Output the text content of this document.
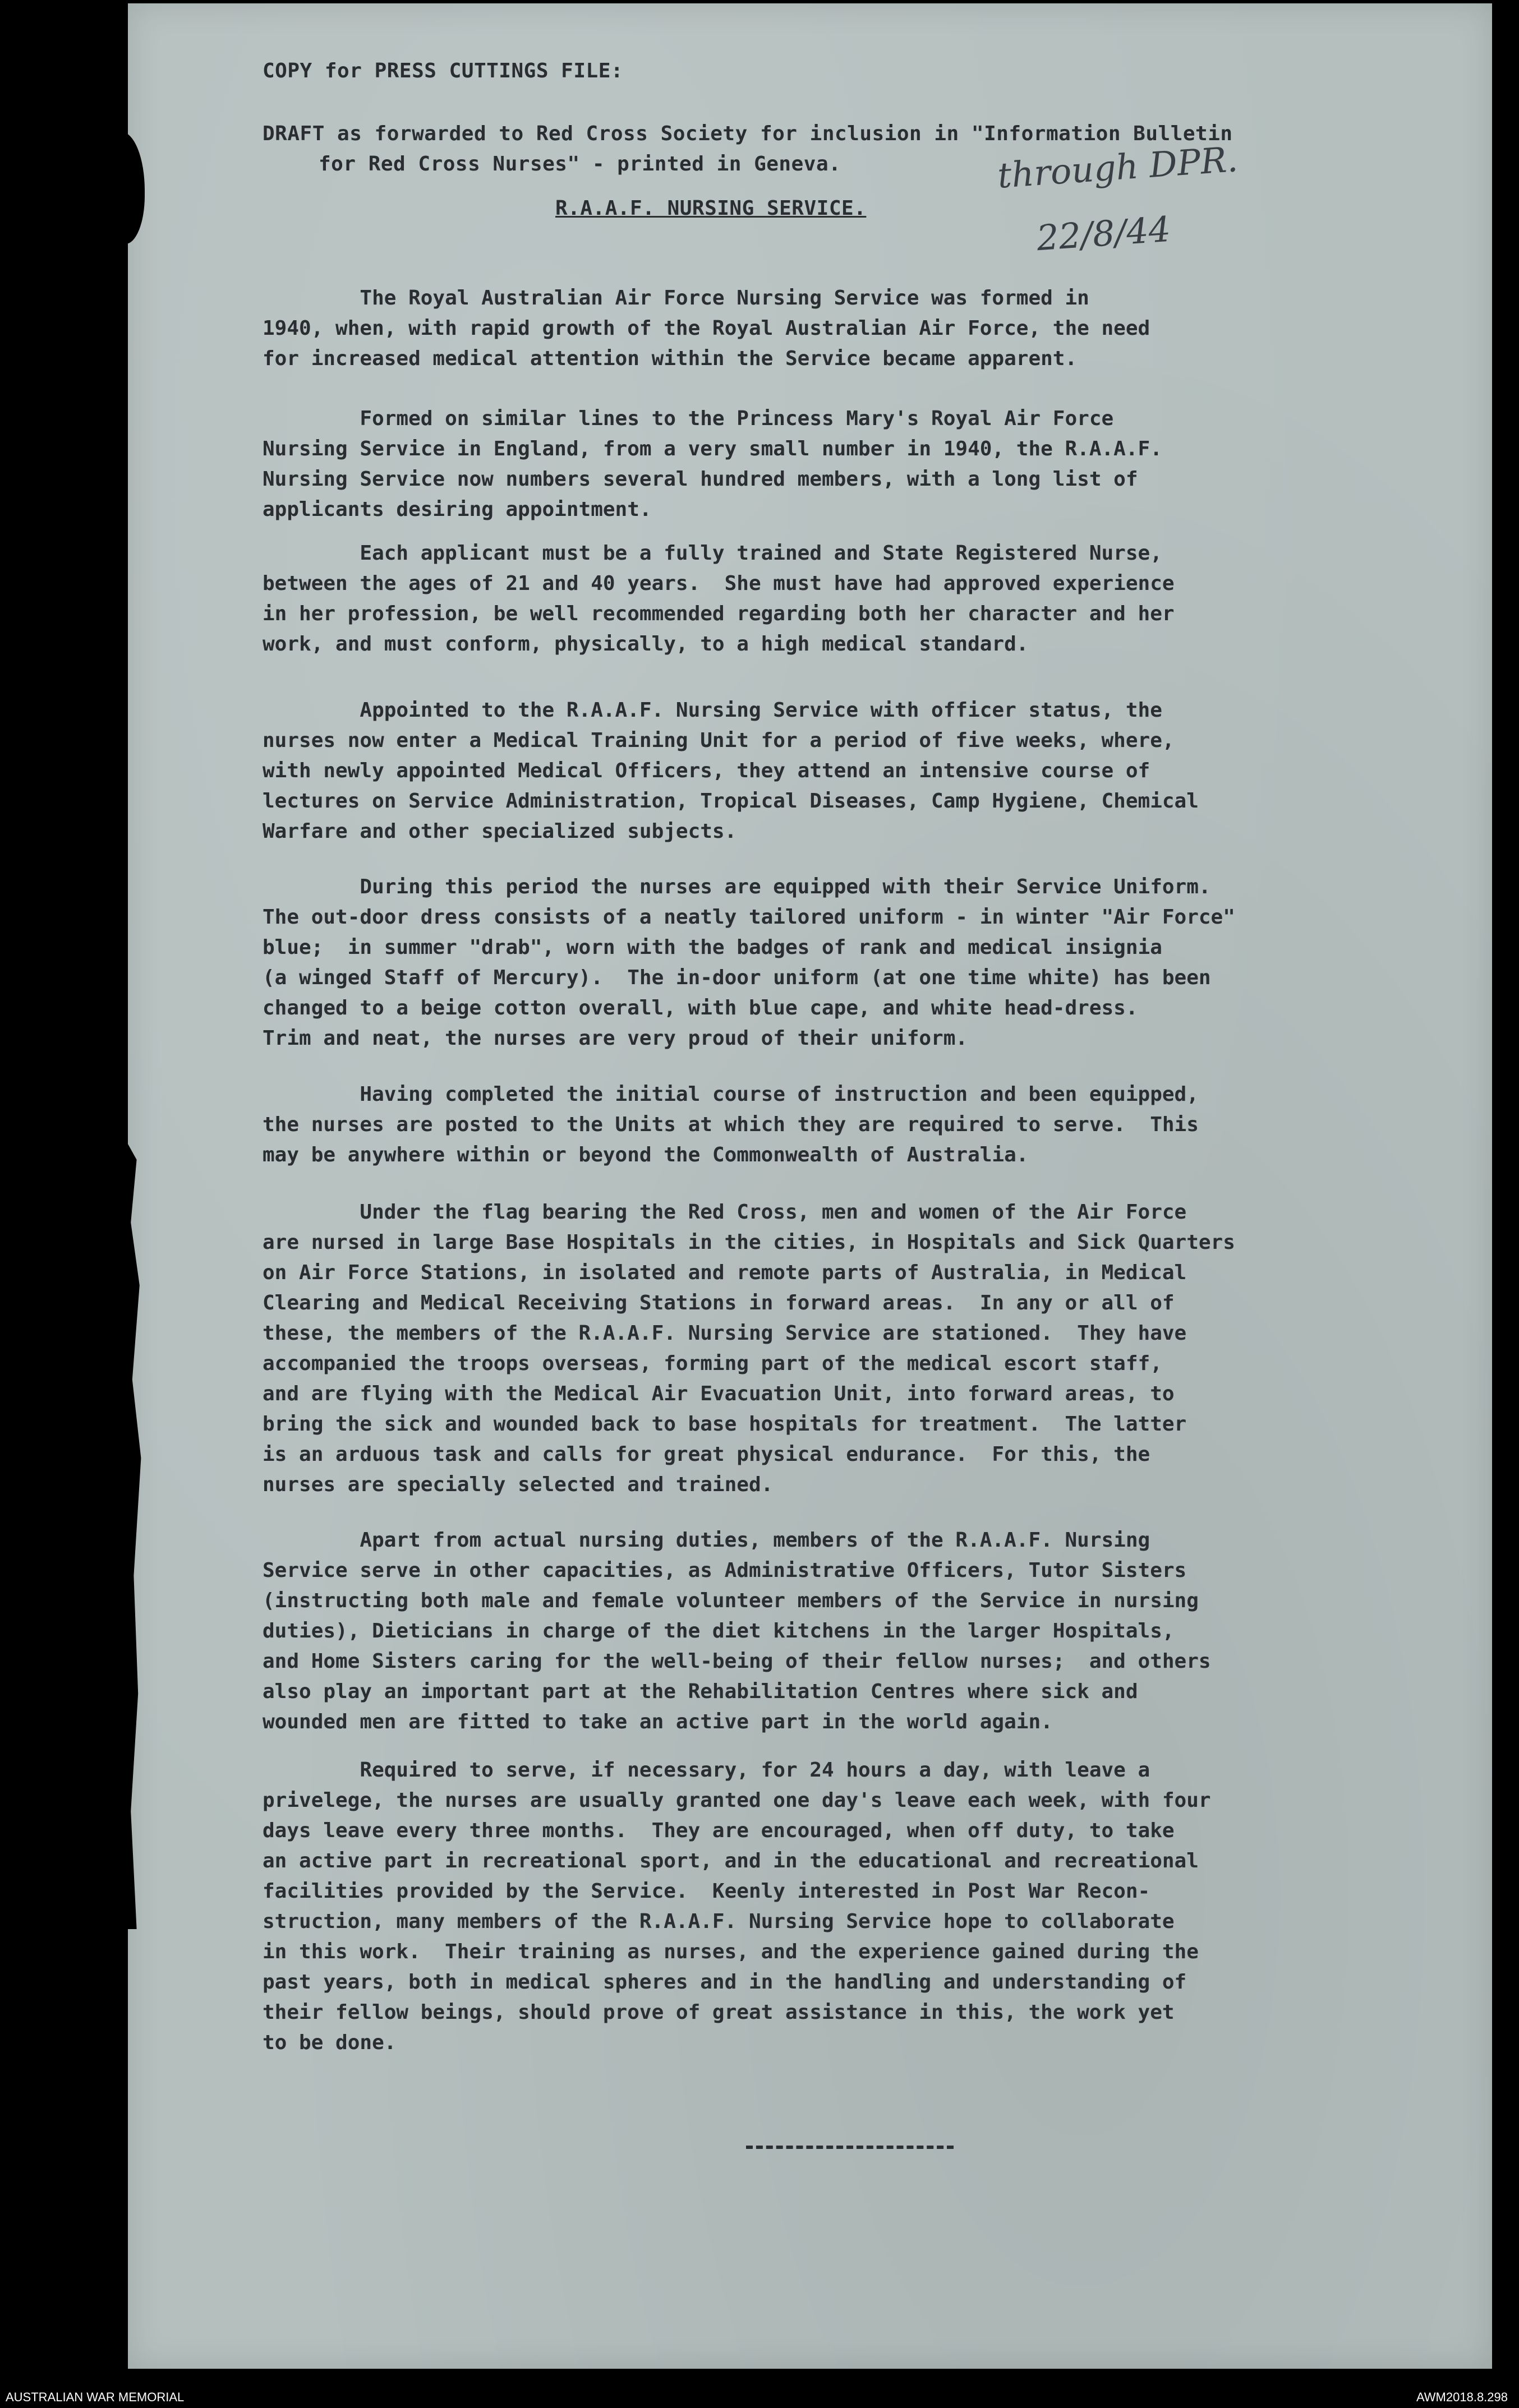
COPY for PRESS CUTTINGS FILE:
DRAFT as forwarded to Red Cross Society for inclusion in "Information Bulletin
for Red Cross Nurses" - printed in Geneva.
R.A.A.F. NURSING SERVICE.
through DPR.
22/8/44
The Royal Australian Air Force Nursing Service was formed in
1940, when, with rapid growth of the Royal Australian Air Force, the need
for increased medical attention within the Service became apparent.
Formed on similar lines to the Princess Mary's Royal Air Force
Nursing Service in England, from a very small number in 1940, the R.A.A.F.
Nursing Service now numbers several hundred members, with a long list of
applicants desiring appointment.
Each applicant must be a fully trained and State Registered Nurse,
between the ages of 21 and 40 years.  She must have had approved experience
in her profession, be well recommended regarding both her character and her
work, and must conform, physically, to a high medical standard.
Appointed to the R.A.A.F. Nursing Service with officer status, the
nurses now enter a Medical Training Unit for a period of five weeks, where,
with newly appointed Medical Officers, they attend an intensive course of
lectures on Service Administration, Tropical Diseases, Camp Hygiene, Chemical
Warfare and other specialized subjects.
During this period the nurses are equipped with their Service Uniform.
The out-door dress consists of a neatly tailored uniform - in winter "Air Force"
blue;  in summer "drab", worn with the badges of rank and medical insignia
(a winged Staff of Mercury).  The in-door uniform (at one time white) has been
changed to a beige cotton overall, with blue cape, and white head-dress.
Trim and neat, the nurses are very proud of their uniform.
Having completed the initial course of instruction and been equipped,
the nurses are posted to the Units at which they are required to serve.  This
may be anywhere within or beyond the Commonwealth of Australia.
Under the flag bearing the Red Cross, men and women of the Air Force
are nursed in large Base Hospitals in the cities, in Hospitals and Sick Quarters
on Air Force Stations, in isolated and remote parts of Australia, in Medical
Clearing and Medical Receiving Stations in forward areas.  In any or all of
these, the members of the R.A.A.F. Nursing Service are stationed.  They have
accompanied the troops overseas, forming part of the medical escort staff,
and are flying with the Medical Air Evacuation Unit, into forward areas, to
bring the sick and wounded back to base hospitals for treatment.  The latter
is an arduous task and calls for great physical endurance.  For this, the
nurses are specially selected and trained.
Apart from actual nursing duties, members of the R.A.A.F. Nursing
Service serve in other capacities, as Administrative Officers, Tutor Sisters
(instructing both male and female volunteer members of the Service in nursing
duties), Dieticians in charge of the diet kitchens in the larger Hospitals,
and Home Sisters caring for the well-being of their fellow nurses;  and others
also play an important part at the Rehabilitation Centres where sick and
wounded men are fitted to take an active part in the world again.
Required to serve, if necessary, for 24 hours a day, with leave a
privelege, the nurses are usually granted one day's leave each week, with four
days leave every three months.  They are encouraged, when off duty, to take
an active part in recreational sport, and in the educational and recreational
facilities provided by the Service.  Keenly interested in Post War Recon-
struction, many members of the R.A.A.F. Nursing Service hope to collaborate
in this work.  Their training as nurses, and the experience gained during the
past years, both in medical spheres and in the handling and understanding of
their fellow beings, should prove of great assistance in this, the work yet
to be done.
AUSTRALIAN WAR MEMORIAL	AWM2018.8.298
